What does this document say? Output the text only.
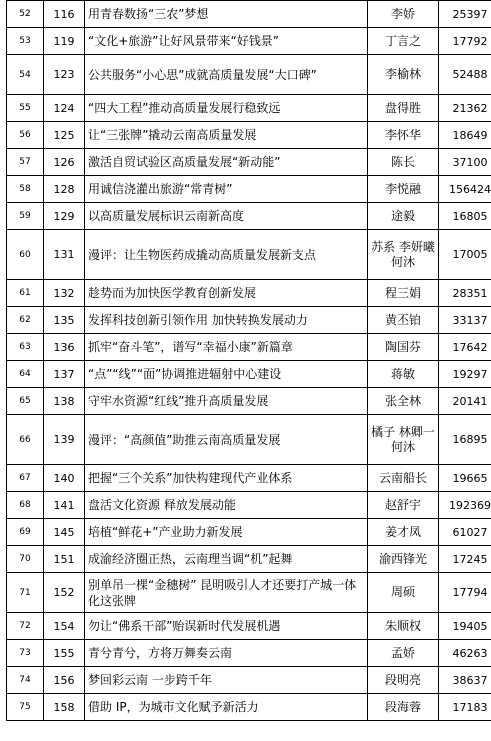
52	116	用青春数扬“三农”梦想	李娇	25397
53	119	“文化+旅游”让好风景带来“好钱景”	丁言之	17792
54	123	公共服务“小心思”成就高质量发展“大口碑”	李榆林	52488
55	124	“四大工程”推动高质量发展行稳致远	盘得胜	21362
56	125	让“三张牌”撬动云南高质量发展	李怀华	18649
57	126	激活自贸试验区高质量发展“新动能”	陈长	37100
58	128	用诚信浇灌出旅游“常青树”	李悦融	156424
59	129	以高质量发展标识云南新高度	途毅	16805
60	131	漫评：让生物医药成撬动高质量发展新支点	苏系 李妍曦 何沐	17005
61	132	趁势而为加快医学教育创新发展	程三娟	28351
62	135	发挥科技创新引领作用 加快转换发展动力	黄丕铂	33137
63	136	抓牢“奋斗笔”，谱写“幸福小康”新篇章	陶国芬	17642
64	137	“点”“线”“面”协调推进辐射中心建设	蒋敏	19297
65	138	守牢水资源“红线”推升高质量发展	张全林	20141
66	139	漫评：“高颜值”助推云南高质量发展	橘子 林卿一 何沐	16895
67	140	把握“三个关系”加快构建现代产业体系	云南船长	19665
68	141	盘活文化资源 释放发展动能	赵舒宇	192369
69	145	培植“鲜花+”产业助力新发展	姜才凤	61027
70	151	成渝经济圈正热，云南理当调“机”起舞	渝西锋光	17245
71	152	别单吊一棵“金穗树” 昆明吸引人才还要打产城一体化这张牌	周硕	17794
72	154	勿让“佛系干部”贻误新时代发展机遇	朱顺权	19405
73	155	青兮青兮，方将万舞奏云南	孟娇	46263
74	156	梦回彩云南 一步跨千年	段明亮	38637
75	158	借助 IP，为城市文化赋予新活力	段海蓉	17183
